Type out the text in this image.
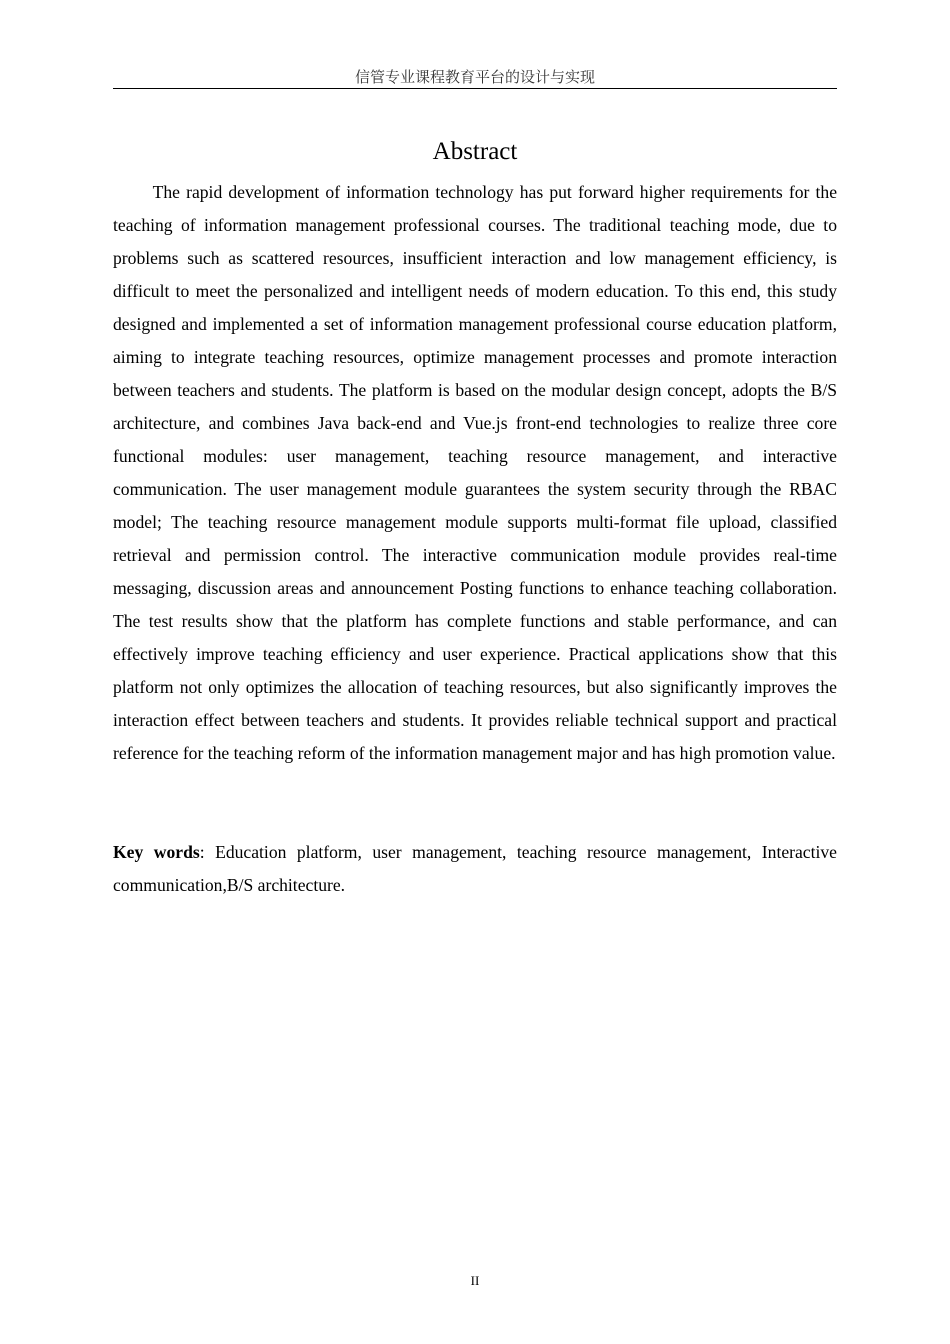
信管专业课程教育平台的设计与实现
Abstract

The rapid development of information technology has put forward higher requirements for the teaching of information management professional courses. The traditional teaching mode, due to problems such as scattered resources, insufficient interaction and low management efficiency, is difficult to meet the personalized and intelligent needs of modern education. To this end, this study designed and implemented a set of information management professional course education platform, aiming to integrate teaching resources, optimize management processes and promote interaction between teachers and students. The platform is based on the modular design concept, adopts the B/S architecture, and combines Java back-end and Vue.js front-end technologies to realize three core functional modules: user management, teaching resource management, and interactive communication. The user management module guarantees the system security through the RBAC model; The teaching resource management module supports multi-format file upload, classified retrieval and permission control. The interactive communication module provides real-time messaging, discussion areas and announcement Posting functions to enhance teaching collaboration. The test results show that the platform has complete functions and stable performance, and can effectively improve teaching efficiency and user experience. Practical applications show that this platform not only optimizes the allocation of teaching resources, but also significantly improves the interaction effect between teachers and students. It provides reliable technical support and practical reference for the teaching reform of the information management major and has high promotion value.

Key words: Education platform, user management, teaching resource management, Interactive communication,B/S architecture.

II
